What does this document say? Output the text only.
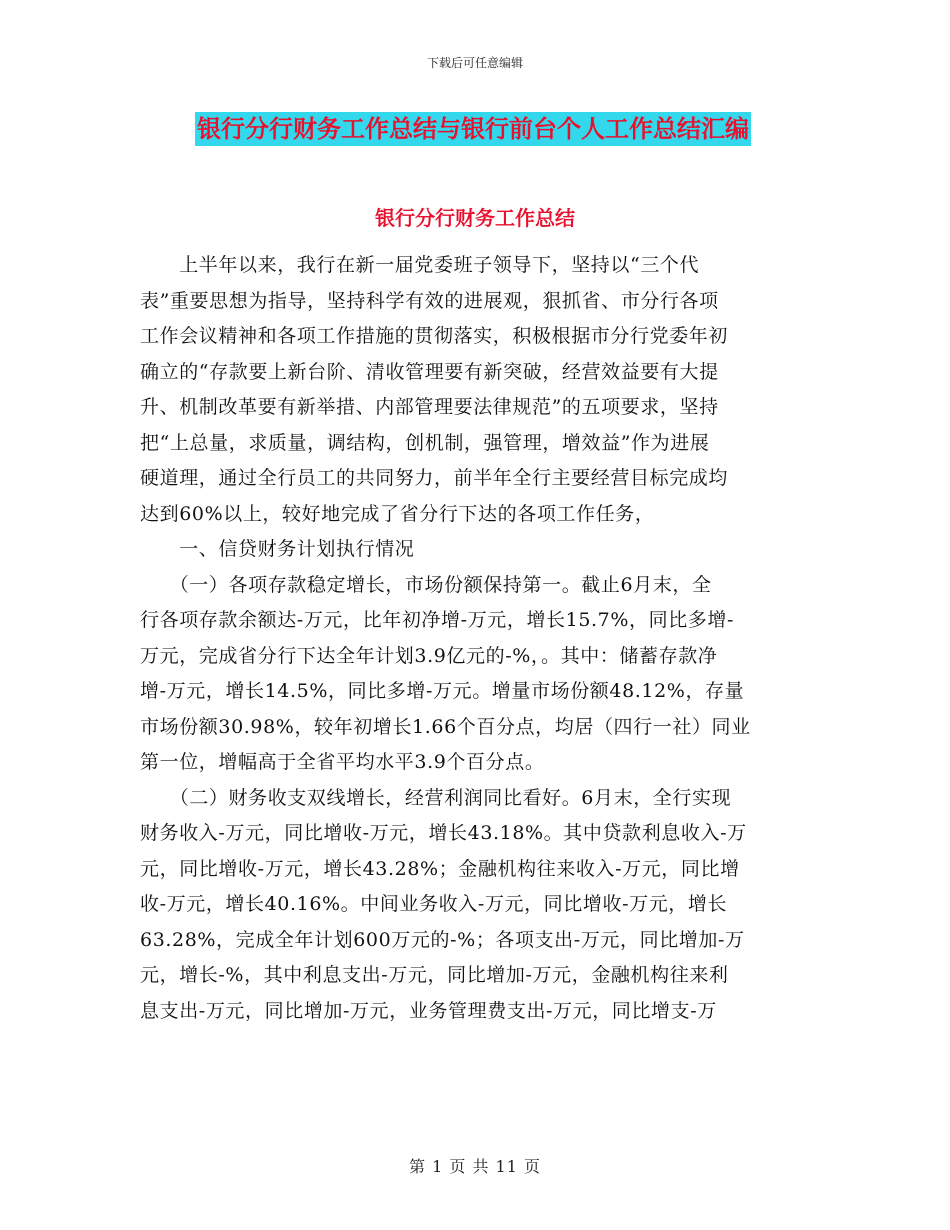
下载后可任意编辑
银行分行财务工作总结与银行前台个人工作总结汇编
银行分行财务工作总结
　　上半年以来，我行在新一届党委班子领导下，坚持以“三个代
表”重要思想为指导，坚持科学有效的进展观，狠抓省、市分行各项
工作会议精神和各项工作措施的贯彻落实，积极根据市分行党委年初
确立的“存款要上新台阶、清收管理要有新突破，经营效益要有大提
升、机制改革要有新举措、内部管理要法律规范”的五项要求，坚持
把“上总量，求质量，调结构，创机制，强管理，增效益”作为进展
硬道理，通过全行员工的共同努力，前半年全行主要经营目标完成均
达到60%以上，较好地完成了省分行下达的各项工作任务，
　　一、信贷财务计划执行情况
　　（一）各项存款稳定增长，市场份额保持第一。截止6月末，全
行各项存款余额达-万元，比年初净增-万元，增长15.7%，同比多增-
万元，完成省分行下达全年计划3.9亿元的-%，。其中：储蓄存款净
增-万元，增长14.5%，同比多增-万元。增量市场份额48.12%，存量
市场份额30.98%，较年初增长1.66个百分点，均居（四行一社）同业
第一位，增幅高于全省平均水平3.9个百分点。
　　（二）财务收支双线增长，经营利润同比看好。6月末，全行实现
财务收入-万元，同比增收-万元，增长43.18%。其中贷款利息收入-万
元，同比增收-万元，增长43.28%；金融机构往来收入-万元，同比增
收-万元，增长40.16%。中间业务收入-万元，同比增收-万元，增长
63.28%，完成全年计划600万元的-%；各项支出-万元，同比增加-万
元，增长-%，其中利息支出-万元，同比增加-万元，金融机构往来利
息支出-万元，同比增加-万元，业务管理费支出-万元，同比增支-万
第 1 页 共 11 页
